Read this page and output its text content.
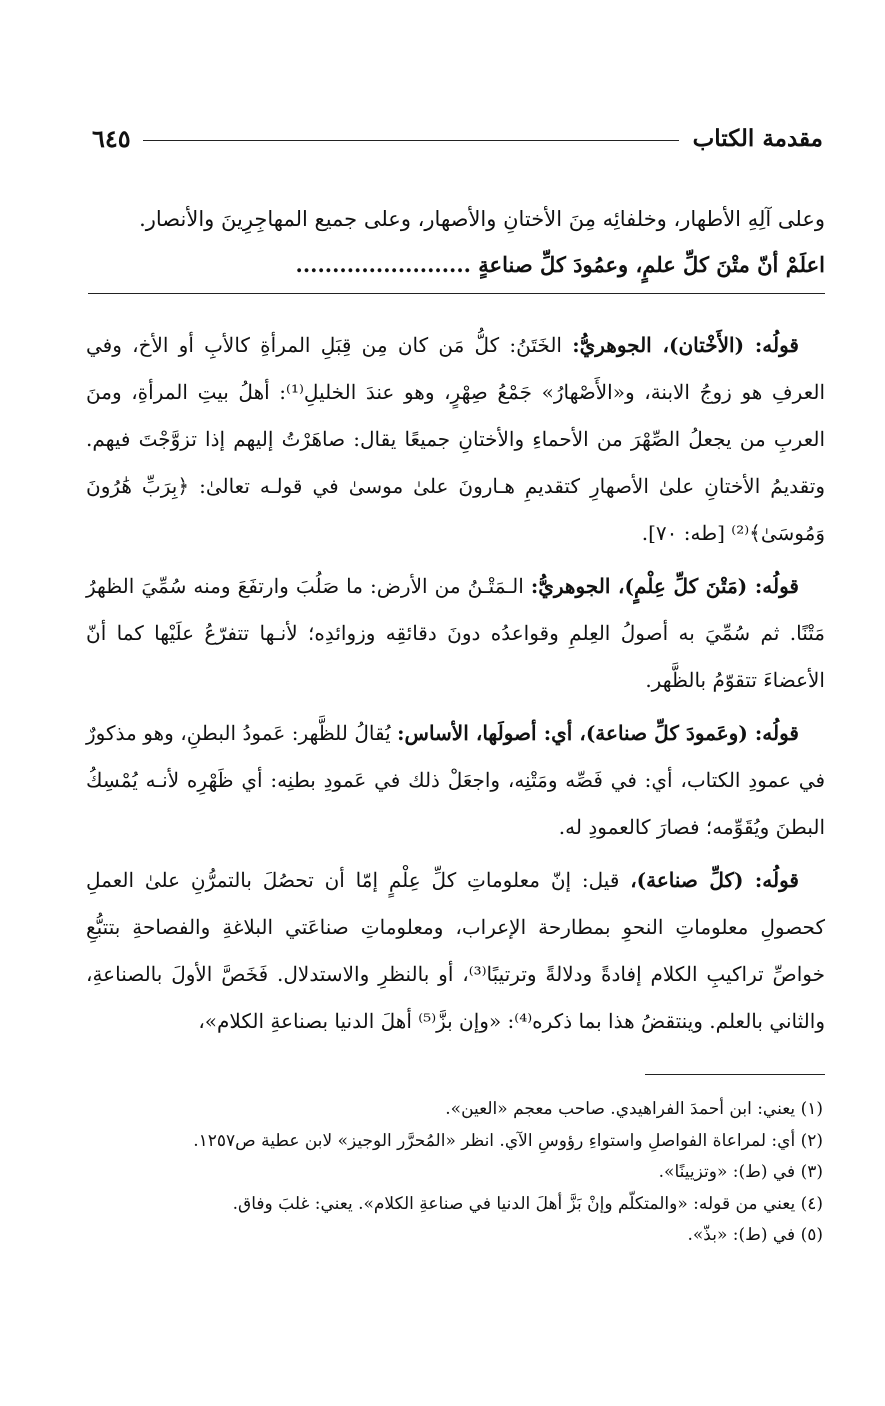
مقدمة الكتاب
٦٤٥

وعلى آلِهِ الأطهار، وخلفائِه مِنَ الأختانِ والأصهار، وعلى جميع المهاجِرِينَ والأنصار.

اعلَمْ أنّ متْنَ كلِّ علمٍ، وعمُودَ كلِّ صناعةٍ ........................

قولُه: (الأَخْتان)، الجوهريُّ: الخَتَنُ: كلُّ مَن كان مِن قِبَلِ المرأةِ كالأبِ أو الأخ، وفي العرفِ هو زوجُ الابنة، و«الأَصْهارُ» جَمْعُ صِهْرٍ، وهو عندَ الخليلِ⁽¹⁾: أهلُ بيتِ المرأةِ، ومنَ العربِ من يجعلُ الصِّهْرَ من الأحماءِ والأختانِ جميعًا يقال: صاهَرْتُ إليهم إذا تزوَّجْتَ فيهم. وتقديمُ الأختانِ علىٰ الأصهارِ كتقديمِ هـارونَ علىٰ موسىٰ في قولـه تعالىٰ: ﴿بِرَبِّ هَٰرُونَ وَمُوسَىٰ﴾⁽²⁾ [طه: ٧٠].

قولُه: (مَتْنَ كلِّ عِلْمٍ)، الجوهريُّ: الـمَتْـنُ من الأرض: ما صَلُبَ وارتفَعَ ومنه سُمِّيَ الظهرُ مَتْنًا. ثم سُمِّيَ به أصولُ العِلمِ وقواعدُه دونَ دقائقِه وزوائدِه؛ لأنـها تتفرّعُ علَيْها كما أنّ الأعضاءَ تتقوّمُ بالظَّهر.

قولُه: (وعَمودَ كلِّ صناعة)، أي: أصولَها، الأساس: يُقالُ للظَّهر: عَمودُ البطنِ، وهو مذكورٌ في عمودِ الكتاب، أي: في فَصِّه ومَتْنِه، واجعَلْ ذلك في عَمودِ بطنِه: أي ظَهْرِه لأنـه يُمْسِكُ البطنَ ويُقَوِّمه؛ فصارَ كالعمودِ له.

قولُه: (كلِّ صناعة)، قيل: إنّ معلوماتِ كلِّ عِلْمٍ إمّا أن تحصُلَ بالتمرُّنِ علىٰ العملِ كحصولِ معلوماتِ النحوِ بمطارحة الإعراب، ومعلوماتِ صناعَتي البلاغةِ والفصاحةِ بتتبُّعِ خواصِّ تراكيبِ الكلام إفادةً ودلالةً وترتيبًا⁽³⁾، أو بالنظرِ والاستدلال. فَخَصَّ الأولَ بالصناعةِ، والثاني بالعلم. وينتقضُ هذا بما ذكره⁽⁴⁾: «وإن بزَّ⁽⁵⁾ أهلَ الدنيا بصناعةِ الكلام»،

(١) يعني: ابن أحمدَ الفراهيدي. صاحب معجم «العين».
(٢) أي: لمراعاة الفواصلِ واستواءِ رؤوسِ الآي. انظر «المُحرَّر الوجيز» لابن عطية ص١٢٥٧.
(٣) في (ط): «وتزيينًا».
(٤) يعني من قوله: «والمتكلّم وإنْ بَزَّ أهلَ الدنيا في صناعةِ الكلام». يعني: غلبَ وفاق.
(٥) في (ط): «بذّ».
